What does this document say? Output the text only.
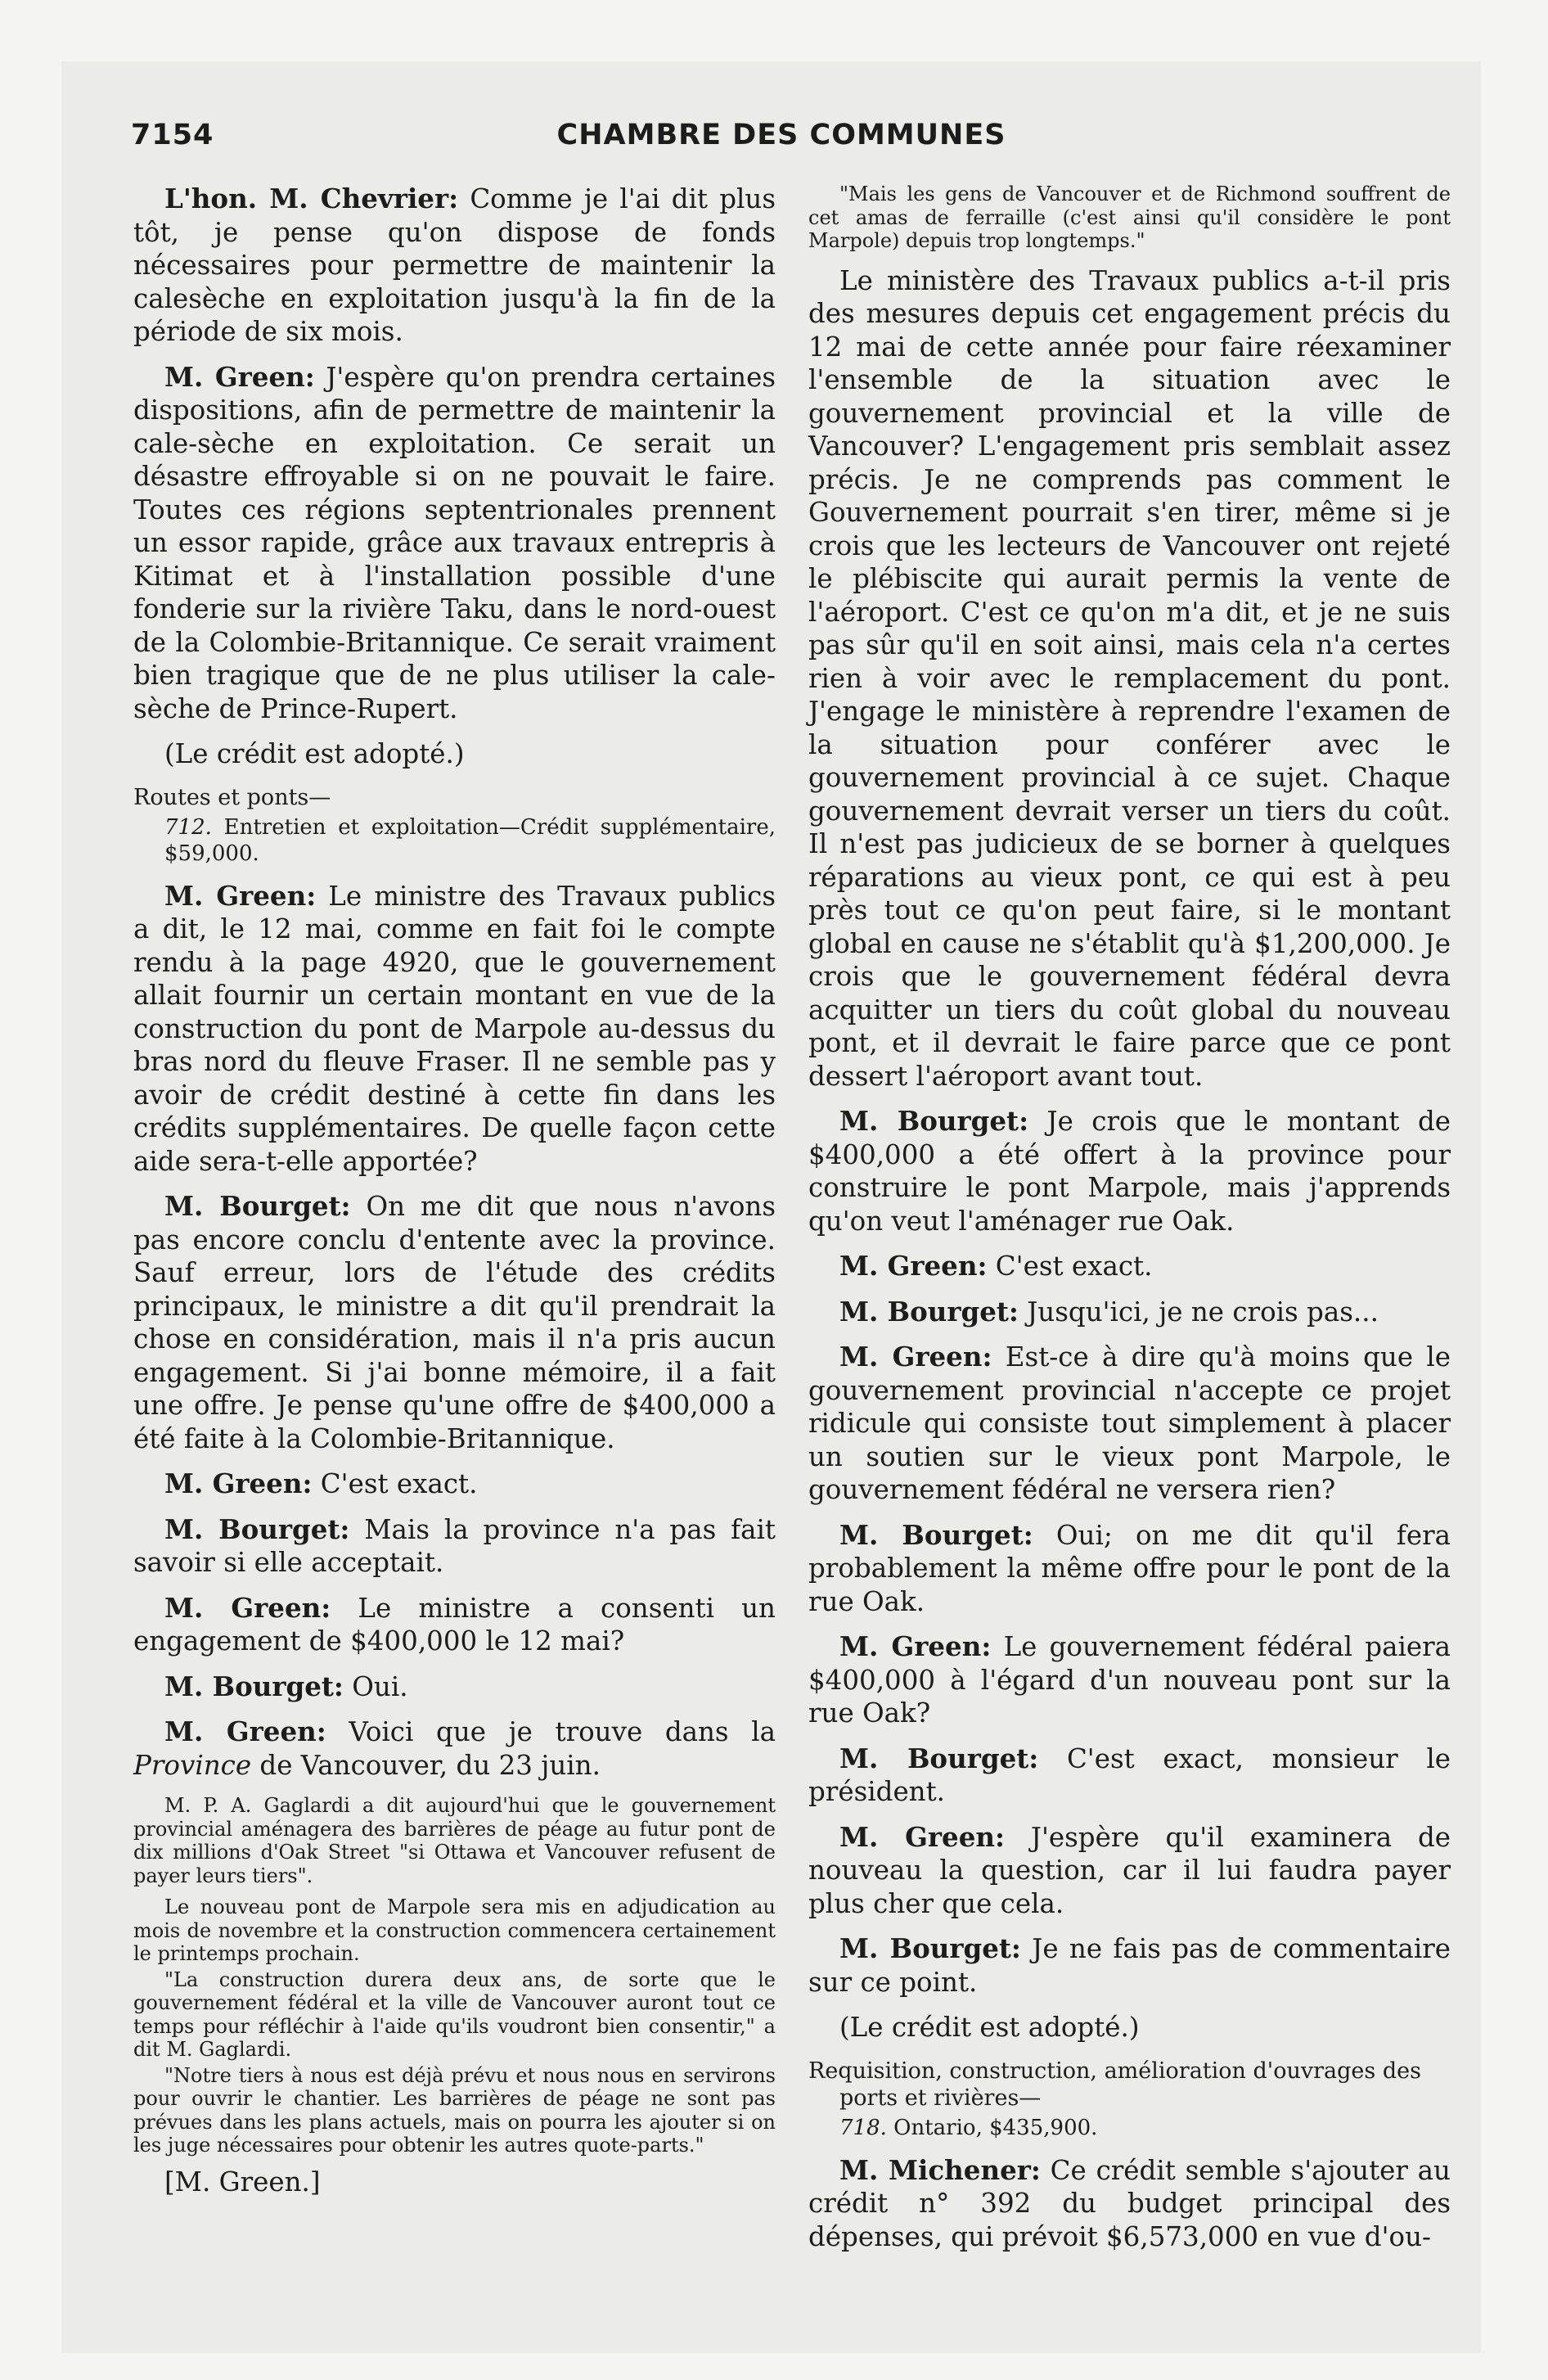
7154	CHAMBRE DES COMMUNES

L'hon. M. Chevrier: Comme je l'ai dit plus tôt, je pense qu'on dispose de fonds nécessaires pour permettre de maintenir la calesèche en exploitation jusqu'à la fin de la période de six mois.

M. Green: J'espère qu'on prendra certaines dispositions, afin de permettre de maintenir la cale-sèche en exploitation. Ce serait un désastre effroyable si on ne pouvait le faire. Toutes ces régions septentrionales prennent un essor rapide, grâce aux travaux entrepris à Kitimat et à l'installation possible d'une fonderie sur la rivière Taku, dans le nord-ouest de la Colombie-Britannique. Ce serait vraiment bien tragique que de ne plus utiliser la cale-sèche de Prince-Rupert.

(Le crédit est adopté.)

Routes et ponts—

712. Entretien et exploitation—Crédit supplémentaire, $59,000.

M. Green: Le ministre des Travaux publics a dit, le 12 mai, comme en fait foi le compte rendu à la page 4920, que le gouvernement allait fournir un certain montant en vue de la construction du pont de Marpole au-dessus du bras nord du fleuve Fraser. Il ne semble pas y avoir de crédit destiné à cette fin dans les crédits supplémentaires. De quelle façon cette aide sera-t-elle apportée?

M. Bourget: On me dit que nous n'avons pas encore conclu d'entente avec la province. Sauf erreur, lors de l'étude des crédits principaux, le ministre a dit qu'il prendrait la chose en considération, mais il n'a pris aucun engagement. Si j'ai bonne mémoire, il a fait une offre. Je pense qu'une offre de $400,000 a été faite à la Colombie-Britannique.

M. Green: C'est exact.

M. Bourget: Mais la province n'a pas fait savoir si elle acceptait.

M. Green: Le ministre a consenti un engagement de $400,000 le 12 mai?

M. Bourget: Oui.

M. Green: Voici que je trouve dans la Province de Vancouver, du 23 juin.

M. P. A. Gaglardi a dit aujourd'hui que le gouvernement provincial aménagera des barrières de péage au futur pont de dix millions d'Oak Street "si Ottawa et Vancouver refusent de payer leurs tiers".

Le nouveau pont de Marpole sera mis en adjudication au mois de novembre et la construction commencera certainement le printemps prochain.

"La construction durera deux ans, de sorte que le gouvernement fédéral et la ville de Vancouver auront tout ce temps pour réfléchir à l'aide qu'ils voudront bien consentir," a dit M. Gaglardi.

"Notre tiers à nous est déjà prévu et nous nous en servirons pour ouvrir le chantier. Les barrières de péage ne sont pas prévues dans les plans actuels, mais on pourra les ajouter si on les juge nécessaires pour obtenir les autres quote-parts."

[M. Green.]

"Mais les gens de Vancouver et de Richmond souffrent de cet amas de ferraille (c'est ainsi qu'il considère le pont Marpole) depuis trop longtemps."

Le ministère des Travaux publics a-t-il pris des mesures depuis cet engagement précis du 12 mai de cette année pour faire réexaminer l'ensemble de la situation avec le gouvernement provincial et la ville de Vancouver? L'engagement pris semblait assez précis. Je ne comprends pas comment le Gouvernement pourrait s'en tirer, même si je crois que les lecteurs de Vancouver ont rejeté le plébiscite qui aurait permis la vente de l'aéroport. C'est ce qu'on m'a dit, et je ne suis pas sûr qu'il en soit ainsi, mais cela n'a certes rien à voir avec le remplacement du pont. J'engage le ministère à reprendre l'examen de la situation pour conférer avec le gouvernement provincial à ce sujet. Chaque gouvernement devrait verser un tiers du coût. Il n'est pas judicieux de se borner à quelques réparations au vieux pont, ce qui est à peu près tout ce qu'on peut faire, si le montant global en cause ne s'établit qu'à $1,200,000. Je crois que le gouvernement fédéral devra acquitter un tiers du coût global du nouveau pont, et il devrait le faire parce que ce pont dessert l'aéroport avant tout.

M. Bourget: Je crois que le montant de $400,000 a été offert à la province pour construire le pont Marpole, mais j'apprends qu'on veut l'aménager rue Oak.

M. Green: C'est exact.

M. Bourget: Jusqu'ici, je ne crois pas...

M. Green: Est-ce à dire qu'à moins que le gouvernement provincial n'accepte ce projet ridicule qui consiste tout simplement à placer un soutien sur le vieux pont Marpole, le gouvernement fédéral ne versera rien?

M. Bourget: Oui; on me dit qu'il fera probablement la même offre pour le pont de la rue Oak.

M. Green: Le gouvernement fédéral paiera $400,000 à l'égard d'un nouveau pont sur la rue Oak?

M. Bourget: C'est exact, monsieur le président.

M. Green: J'espère qu'il examinera de nouveau la question, car il lui faudra payer plus cher que cela.

M. Bourget: Je ne fais pas de commentaire sur ce point.

(Le crédit est adopté.)

Requisition, construction, amélioration d'ouvrages des ports et rivières—

718. Ontario, $435,900.

M. Michener: Ce crédit semble s'ajouter au crédit n° 392 du budget principal des dépenses, qui prévoit $6,573,000 en vue d'ou-
